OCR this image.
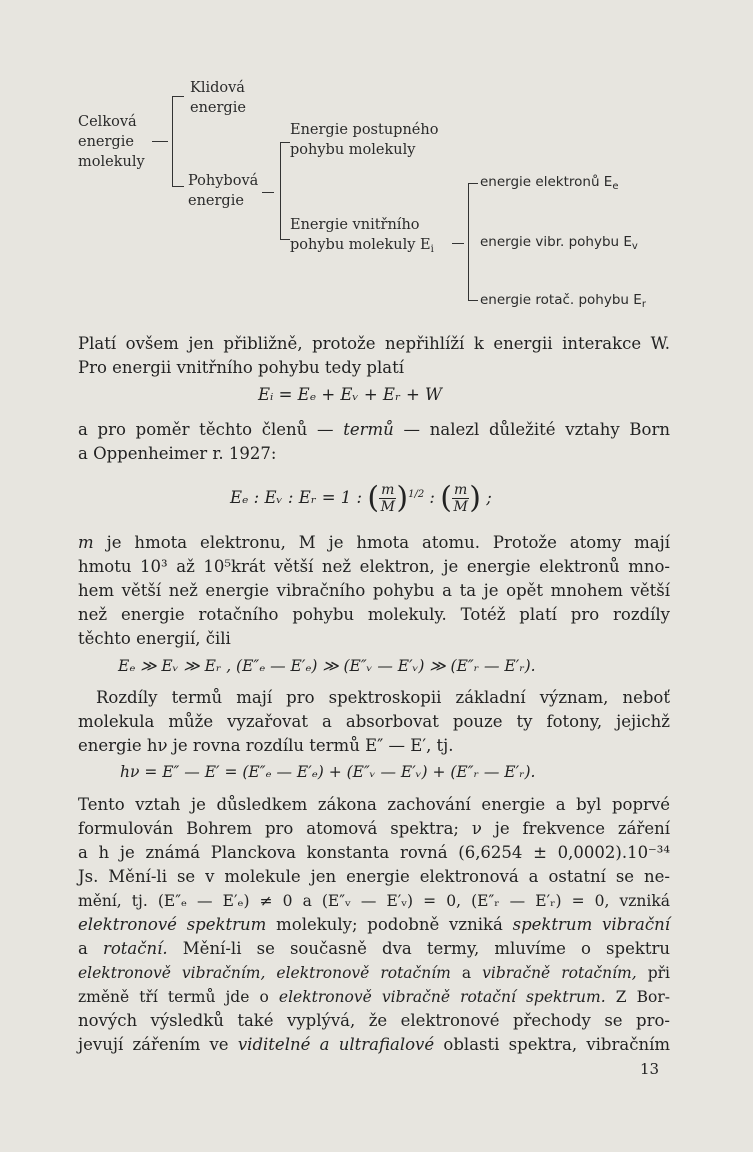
Celková
energie
molekuly
Klidová
energie
Pohybová
energie
Energie postupného
pohybu molekuly
Energie vnitřního
pohybu molekuly $E_i$
energie elektronů $E_e$
energie vibr. pohybu $E_v$
energie rotač. pohybu $E_r$
Platí ovšem jen přibližně, protože nepřihlíží k energii interakce W.
Pro energii vnitřního pohybu tedy platí
Eᵢ = Eₑ + Eᵥ + Eᵣ + W
a pro poměr těchto členů — termů — nalezl důležité vztahy Born
a Oppenheimer r. 1927:
Eₑ : Eᵥ : Eᵣ = 1 : ( $\frac{m}{M} )^{1/2}$ : ( $\frac{m}{M}$ ) ;
m je hmota elektronu, M je hmota atomu. Protože atomy mají
hmotu 10³ až 10⁵krát větší než elektron, je energie elektronů mno-
hem větší než energie vibračního pohybu a ta je opět mnohem větší
než energie rotačního pohybu molekuly. Totéž platí pro rozdíly
těchto energií, čili
Eₑ ≫ Eᵥ ≫ Eᵣ , (E″ₑ — E′ₑ) ≫ (E″ᵥ — E′ᵥ) ≫ (E″ᵣ — E′ᵣ).
Rozdíly termů mají pro spektroskopii základní význam, neboť
molekula může vyzařovat a absorbovat pouze ty fotony, jejichž
energie hν je rovna rozdílu termů E″ — E′, tj.
hν = E″ — E′ = (E″ₑ — E′ₑ) + (E″ᵥ — E′ᵥ) + (E″ᵣ — E′ᵣ).
Tento vztah je důsledkem zákona zachování energie a byl poprvé
formulován Bohrem pro atomová spektra; ν je frekvence záření
a h je známá Planckova konstanta rovná (6,6254 ± 0,0002).10⁻³⁴
Js. Mění-li se v molekule jen energie elektronová a ostatní se ne-
mění, tj. (E″ₑ — E′ₑ) ≠ 0 a (E″ᵥ — E′ᵥ) = 0, (E″ᵣ — E′ᵣ) = 0, vzniká
elektronové spektrum molekuly; podobně vzniká spektrum vibrační
a rotační. Mění-li se současně dva termy, mluvíme o spektru
elektronově vibračním, elektronově rotačním a vibračně rotačním, při
změně tří termů jde o elektronově vibračně rotační spektrum. Z Bor-
nových výsledků také vyplývá, že elektronové přechody se pro-
jevují zářením ve viditelné a ultrafialové oblasti spektra, vibračním
13
